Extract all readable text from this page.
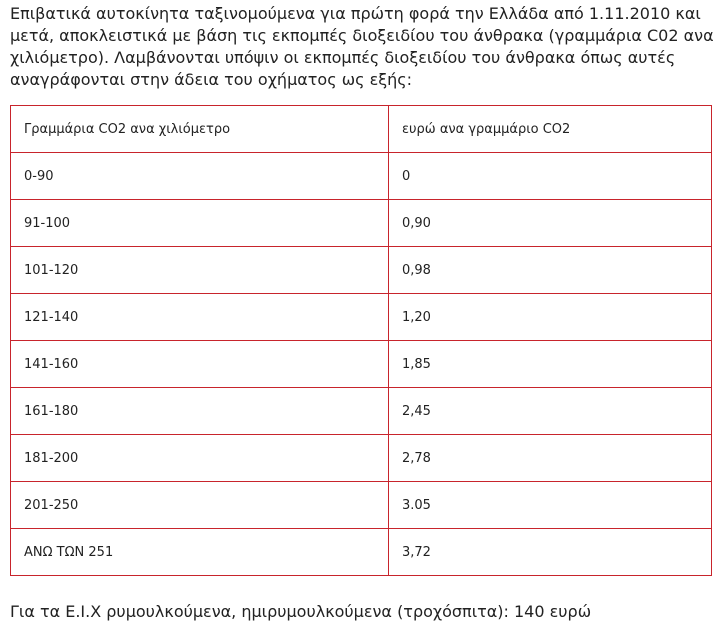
Επιβατικά αυτοκίνητα ταξινομούμενα για πρώτη φορά την Ελλάδα από 1.11.2010 και μετά, αποκλειστικά με βάση τις εκπομπές διοξειδίου του άνθρακα (γραμμάρια C02 ανα χιλιόμετρο). Λαμβάνονται υπόψιν οι εκπομπές διοξειδίου του άνθρακα όπως αυτές αναγράφονται στην άδεια του οχήματος ως εξής:

Γραμμάρια CO2 ανα χιλιόμετρο	ευρώ ανα γραμμάριο CO2
0-90	0
91-100	0,90
101-120	0,98
121-140	1,20
141-160	1,85
161-180	2,45
181-200	2,78
201-250	3.05
ΑΝΩ ΤΩΝ 251	3,72

Για τα Ε.Ι.Χ ρυμουλκούμενα, ημιρυμουλκούμενα (τροχόσπιτα): 140 ευρώ
